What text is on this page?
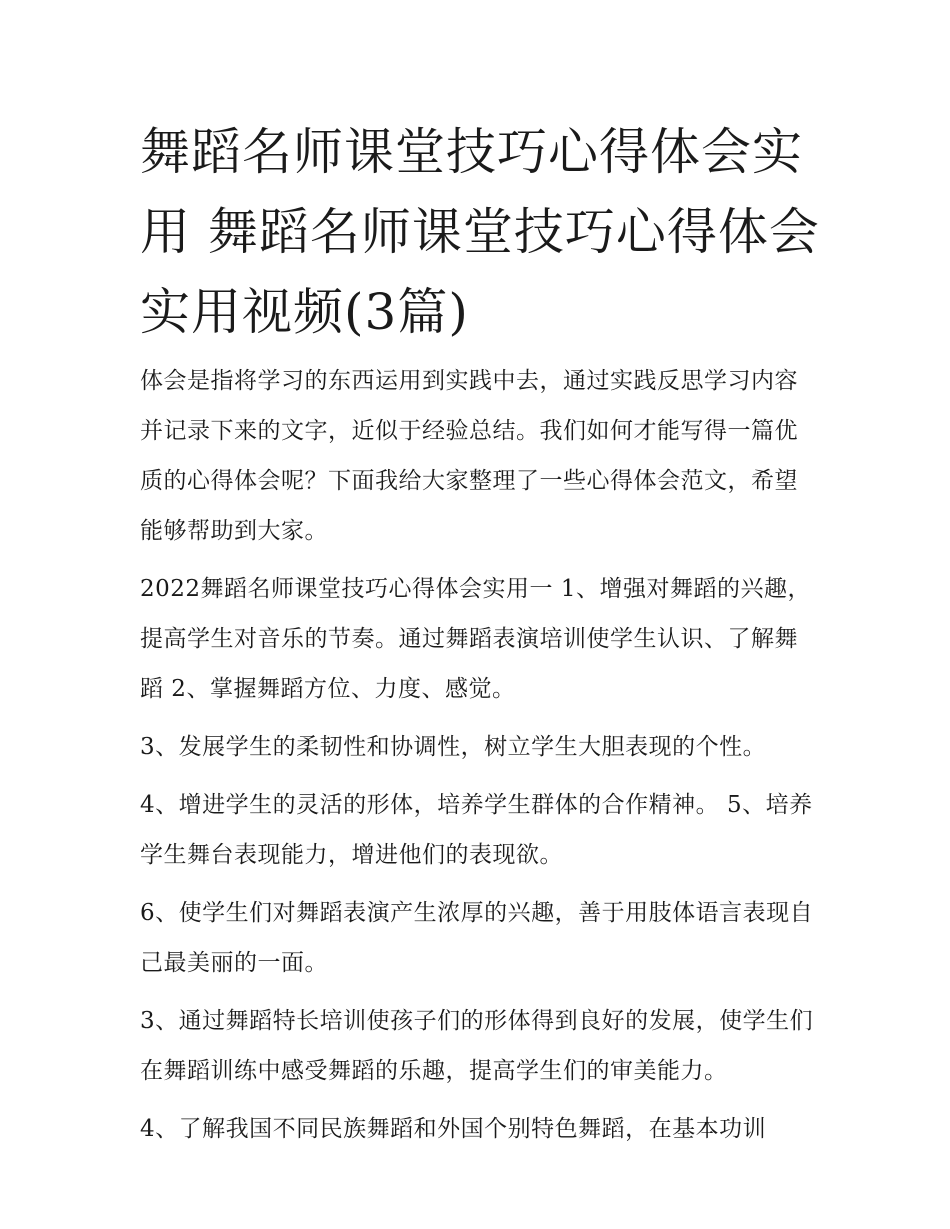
舞蹈名师课堂技巧心得体会实用 舞蹈名师课堂技巧心得体会实用视频(3篇)

体会是指将学习的东西运用到实践中去，通过实践反思学习内容并记录下来的文字，近似于经验总结。我们如何才能写得一篇优质的心得体会呢？下面我给大家整理了一些心得体会范文，希望能够帮助到大家。

2022舞蹈名师课堂技巧心得体会实用一 1、增强对舞蹈的兴趣，提高学生对音乐的节奏。通过舞蹈表演培训使学生认识、了解舞蹈 2、掌握舞蹈方位、力度、感觉。

3、发展学生的柔韧性和协调性，树立学生大胆表现的个性。

4、增进学生的灵活的形体，培养学生群体的合作精神。 5、培养学生舞台表现能力，增进他们的表现欲。

6、使学生们对舞蹈表演产生浓厚的兴趣，善于用肢体语言表现自己最美丽的一面。

3、通过舞蹈特长培训使孩子们的形体得到良好的发展，使学生们在舞蹈训练中感受舞蹈的乐趣，提高学生们的审美能力。

4、了解我国不同民族舞蹈和外国个别特色舞蹈，在基本功训
